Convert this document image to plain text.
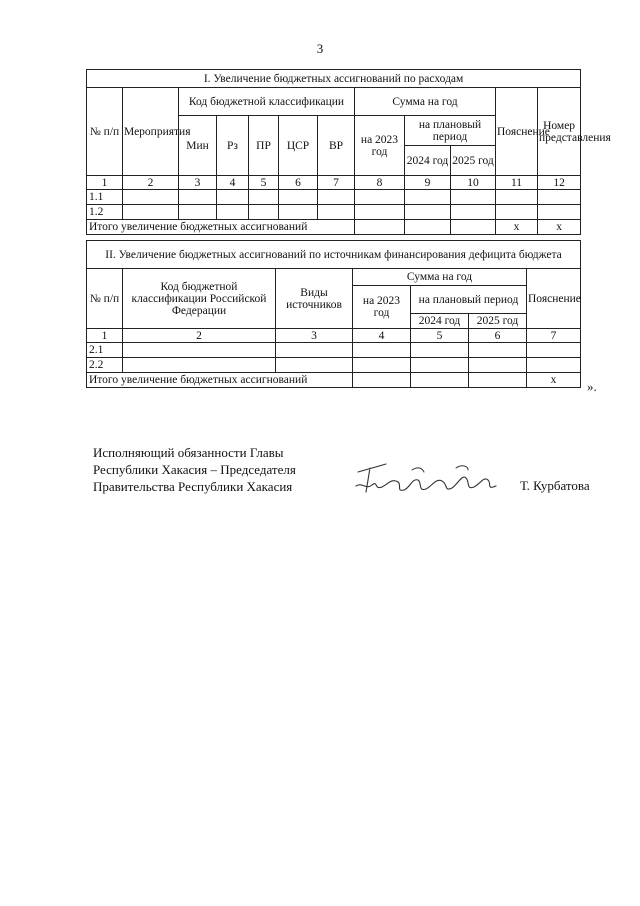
3
I. Увеличение бюджетных ассигнований по расходам											
№ п/п	Мероприятия	Код бюджетной классификации					Сумма на год			Пояснение	Номер представления
		Мин	Рз	ПР	ЦСР	ВР	на 2023 год	на плановый период			
								2024 год	2025 год		
1	2	3	4	5	6	7	8	9	10	11	12
1.1											
1.2											
Итого увеличение бюджетных ассигнований										x	x
II. Увеличение бюджетных ассигнований по источникам финансирования дефицита бюджета						
№ п/п	Код бюджетной классификации Российской Федерации	Виды источников	Сумма на год			Пояснение
			на 2023 год	на плановый период		
				2024 год	2025 год	
1	2	3	4	5	6	7
2.1						
2.2						
Итого увеличение бюджетных ассигнований						x ».
Исполняющий обязанности Главы
Республики Хакасия – Председателя
Правительства Республики Хакасия	Т. Курбатова
